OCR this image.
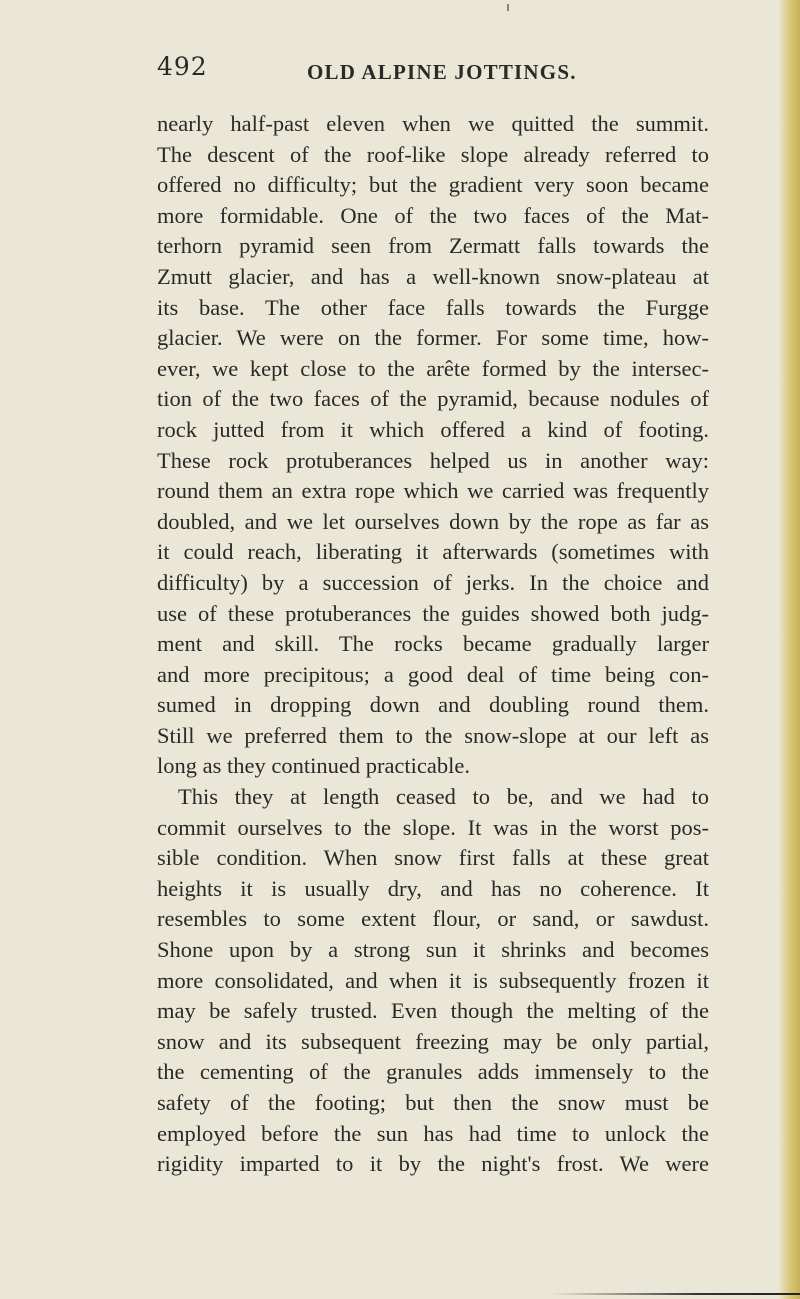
492	OLD ALPINE JOTTINGS.
nearly half-past eleven when we quitted the summit.
The descent of the roof-like slope already referred to
offered no difficulty; but the gradient very soon became
more formidable. One of the two faces of the Mat-
terhorn pyramid seen from Zermatt falls towards the
Zmutt glacier, and has a well-known snow-plateau at
its base. The other face falls towards the Furgge
glacier. We were on the former. For some time, how-
ever, we kept close to the arête formed by the intersec-
tion of the two faces of the pyramid, because nodules of
rock jutted from it which offered a kind of footing.
These rock protuberances helped us in another way:
round them an extra rope which we carried was frequently
doubled, and we let ourselves down by the rope as far as
it could reach, liberating it afterwards (sometimes with
difficulty) by a succession of jerks. In the choice and
use of these protuberances the guides showed both judg-
ment and skill. The rocks became gradually larger
and more precipitous; a good deal of time being con-
sumed in dropping down and doubling round them.
Still we preferred them to the snow-slope at our left as
long as they continued practicable.
This they at length ceased to be, and we had to
commit ourselves to the slope. It was in the worst pos-
sible condition. When snow first falls at these great
heights it is usually dry, and has no coherence. It
resembles to some extent flour, or sand, or sawdust.
Shone upon by a strong sun it shrinks and becomes
more consolidated, and when it is subsequently frozen it
may be safely trusted. Even though the melting of the
snow and its subsequent freezing may be only partial,
the cementing of the granules adds immensely to the
safety of the footing; but then the snow must be
employed before the sun has had time to unlock the
rigidity imparted to it by the night's frost. We were
